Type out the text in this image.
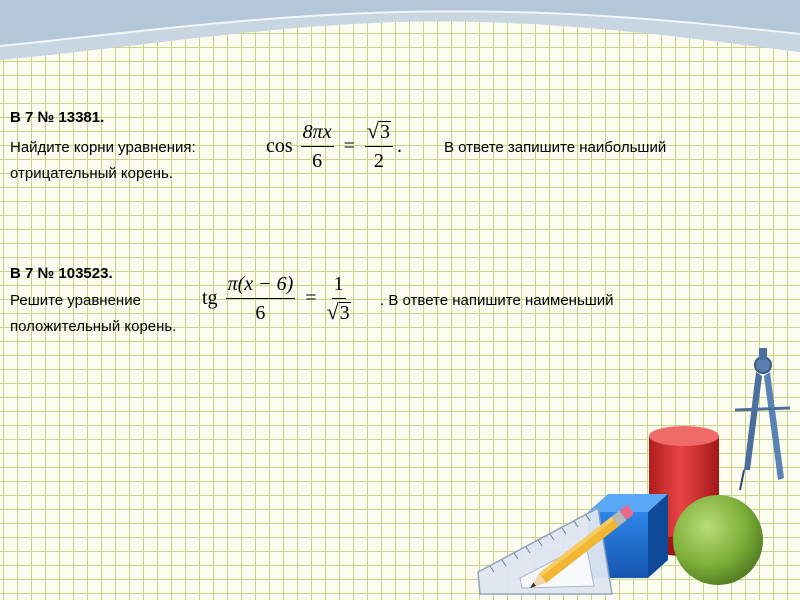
В 7 № 13381.
Найдите корни уравнения:	$\cos \frac{8\pi x}{6} = \frac{√ 3}{2}$ .	В ответе запишите наибольший
отрицательный корень.
В 7 № 103523.
Решите уравнение	tg $\frac{\pi(x - 6)}{6} = \frac{1}{√ 3}$ . В ответе напишите наименьший
положительный корень.
